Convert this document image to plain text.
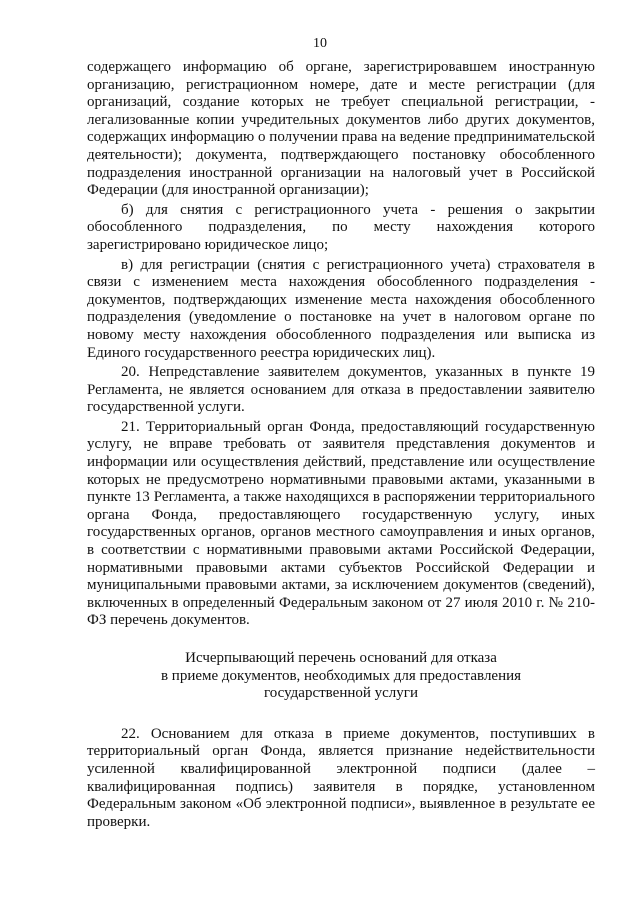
10

содержащего информацию об органе, зарегистрировавшем иностранную организацию, регистрационном номере, дате и месте регистрации (для организаций, создание которых не требует специальной регистрации, - легализованные копии учредительных документов либо других документов, содержащих информацию о получении права на ведение предпринимательской деятельности); документа, подтверждающего постановку обособленного подразделения иностранной организации на налоговый учет в Российской Федерации (для иностранной организации);

б) для снятия с регистрационного учета - решения о закрытии обособленного подразделения, по месту нахождения которого зарегистрировано юридическое лицо;

в) для регистрации (снятия с регистрационного учета) страхователя в связи с изменением места нахождения обособленного подразделения - документов, подтверждающих изменение места нахождения обособленного подразделения (уведомление о постановке на учет в налоговом органе по новому месту нахождения обособленного подразделения или выписка из Единого государственного реестра юридических лиц).

20. Непредставление заявителем документов, указанных в пункте 19 Регламента, не является основанием для отказа в предоставлении заявителю государственной услуги.

21. Территориальный орган Фонда, предоставляющий государственную услугу, не вправе требовать от заявителя представления документов и информации или осуществления действий, представление или осуществление которых не предусмотрено нормативными правовыми актами, указанными в пункте 13 Регламента, а также находящихся в распоряжении территориального органа Фонда, предоставляющего государственную услугу, иных государственных органов, органов местного самоуправления и иных органов, в соответствии с нормативными правовыми актами Российской Федерации, нормативными правовыми актами субъектов Российской Федерации и муниципальными правовыми актами, за исключением документов (сведений), включенных в определенный Федеральным законом от 27 июля 2010 г. № 210-ФЗ перечень документов.

Исчерпывающий перечень оснований для отказа
в приеме документов, необходимых для предоставления
государственной услуги

22. Основанием для отказа в приеме документов, поступивших в территориальный орган Фонда, является признание недействительности усиленной квалифицированной электронной подписи (далее – квалифицированная подпись) заявителя в порядке, установленном Федеральным законом «Об электронной подписи», выявленное в результате ее проверки.
